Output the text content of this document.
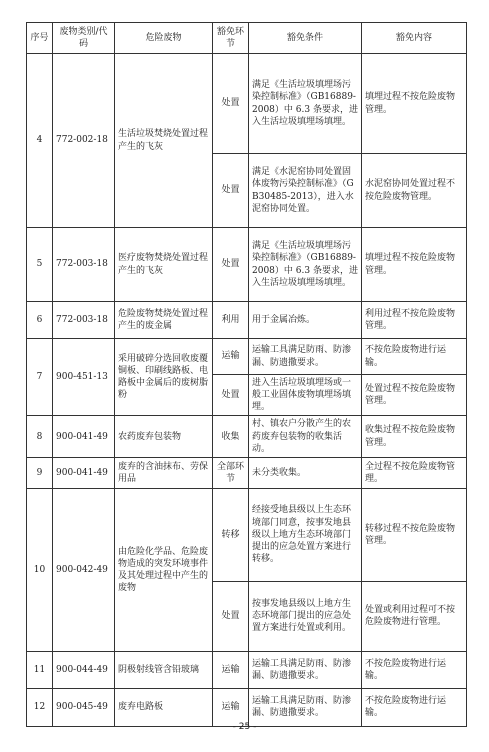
序号	废物类别/代码	危险废物	豁免环节	豁免条件	豁免内容
4	772-002-18	生活垃圾焚烧处置过程产生的飞灰	处置	满足《生活垃圾填埋场污染控制标准》（GB16889-2008）中 6.3 条要求，进入生活垃圾填埋场填埋。	填埋过程不按危险废物管理。
			处置	满足《水泥窑协同处置固体废物污染控制标准》（GB30485-2013），进入水泥窑协同处置。	水泥窑协同处置过程不按危险废物管理。
5	772-003-18	医疗废物焚烧处置过程产生的飞灰	处置	满足《生活垃圾填埋场污染控制标准》（GB16889-2008）中 6.3 条要求，进入生活垃圾填埋场填埋。	填埋过程不按危险废物管理。
6	772-003-18	危险废物焚烧处置过程产生的废金属	利用	用于金属冶炼。	利用过程不按危险废物管理。
7	900-451-13	采用破碎分选回收废覆铜板、印刷线路板、电路板中金属后的废树脂粉	运输	运输工具满足防雨、防渗漏、防遗撒要求。	不按危险废物进行运输。
			处置	进入生活垃圾填埋场或一般工业固体废物填埋场填埋。	处置过程不按危险废物管理。
8	900-041-49	农药废弃包装物	收集	村、镇农户分散产生的农药废弃包装物的收集活动。	收集过程不按危险废物管理。
9	900-041-49	废弃的含油抹布、劳保用品	全部环节	未分类收集。	全过程不按危险废物管理。
10	900-042-49	由危险化学品、危险废物造成的突发环境事件及其处理过程中产生的废物	转移	经接受地县级以上生态环境部门同意，按事发地县级以上地方生态环境部门提出的应急处置方案进行转移。	转移过程不按危险废物管理。
			处置	按事发地县级以上地方生态环境部门提出的应急处置方案进行处置或利用。	处置或利用过程可不按危险废物进行管理。
11	900-044-49	阴极射线管含铅玻璃	运输	运输工具满足防雨、防渗漏、防遗撒要求。	不按危险废物进行运输。
12	900-045-49	废弃电路板	运输	运输工具满足防雨、防渗漏、防遗撒要求。	不按危险废物进行运输。
- 25 -
